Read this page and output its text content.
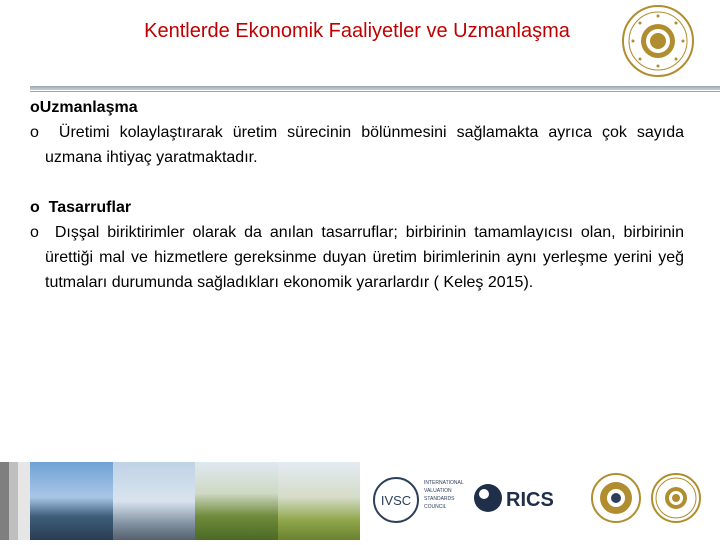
Kentlerde Ekonomik Faaliyetler ve Uzmanlaşma

oUzmanlaşma

o Üretimi kolaylaştırarak üretim sürecinin bölünmesini sağlamakta ayrıca çok sayıda uzmana ihtiyaç yaratmaktadır.

o Tasarruflar

o Dışşal biriktirimler olarak da anılan tasarruflar; birbirinin tamamlayıcısı olan, birbirinin ürettiği mal ve hizmetlere gereksinme duyan üretim birimlerinin aynı yerleşme yerini yeğ tutmaları durumunda sağladıkları ekonomik yararlardır ( Keleş 2015).

IVSC
INTERNATIONAL
VALUATION
STANDARDS
COUNCIL	RICS
